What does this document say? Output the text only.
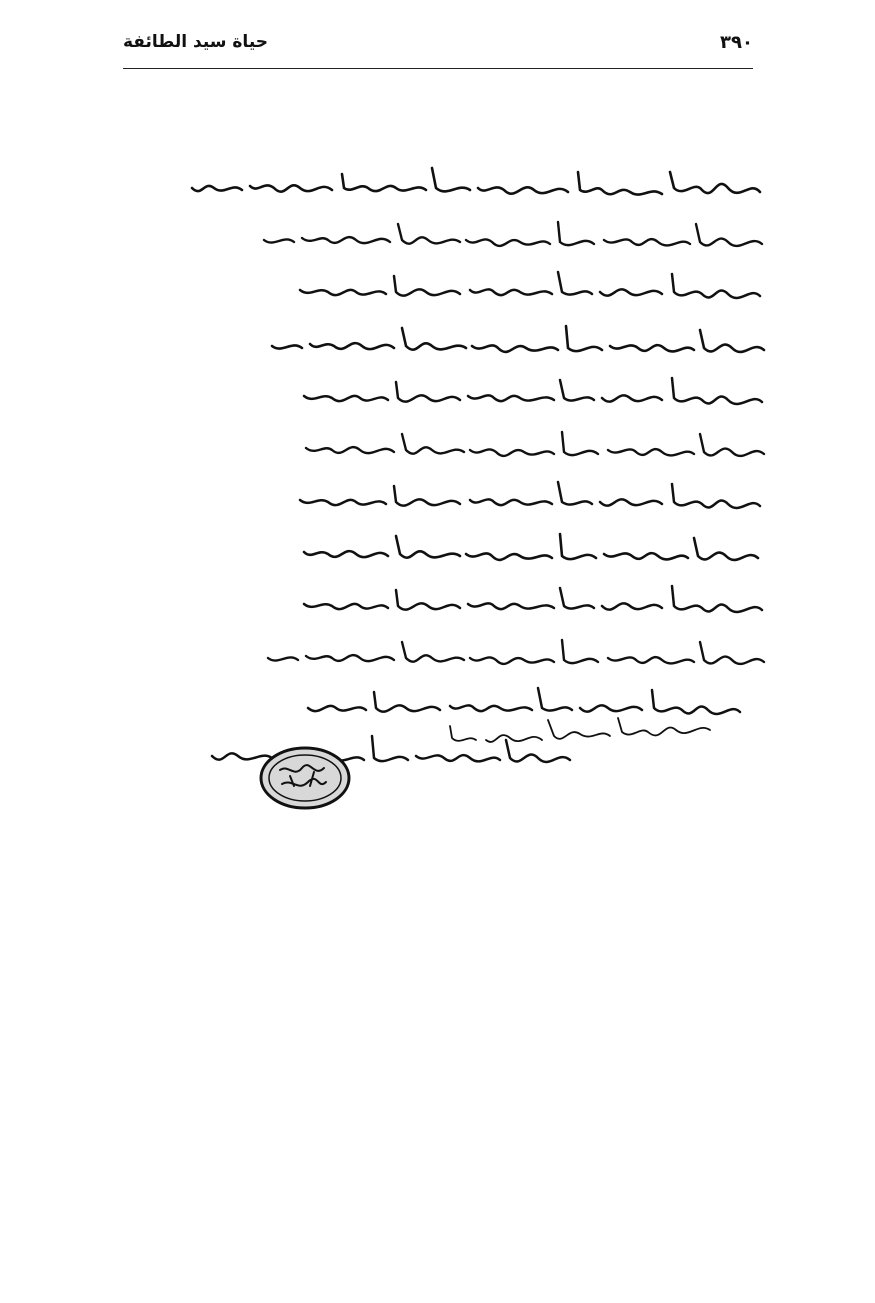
حياة سيد الطائفة	٣٩٠
